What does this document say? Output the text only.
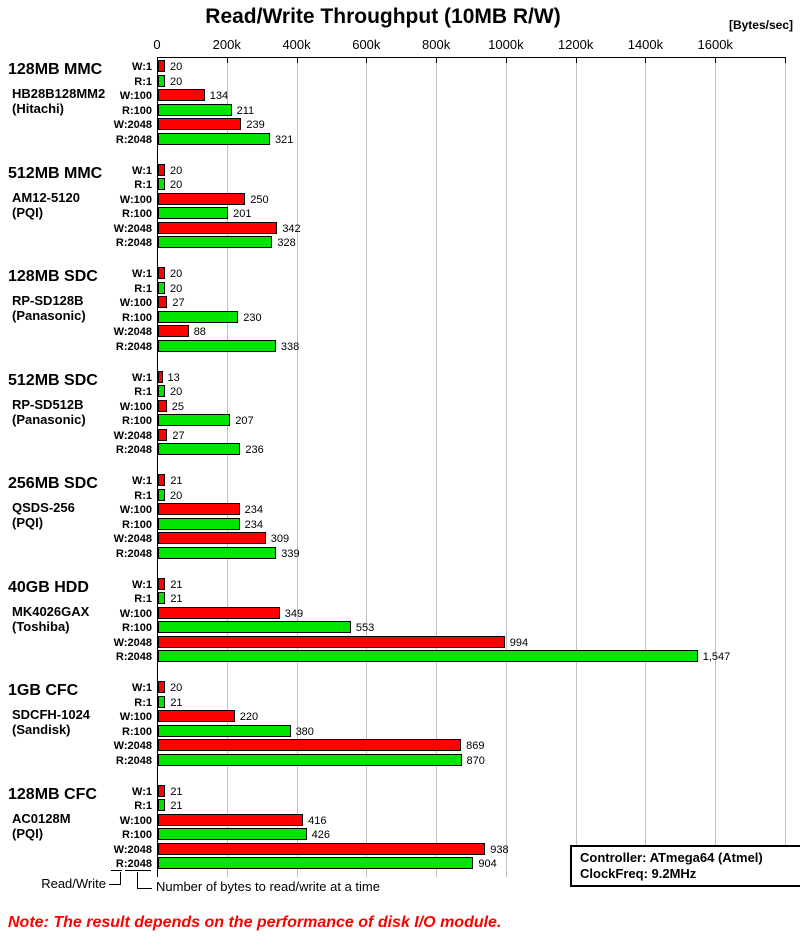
Read/Write Throughput (10MB R/W)	[Bytes/sec]
0	200k	400k	600k	800k	1000k	1200k	1400k	1600k
128MB MMC
HB28B128MM2
(Hitachi)
W:1 20
R:1 20
W:100	134
R:100	211
W:2048	239
R:2048	321
512MB MMC
AM12-5120
(PQI)
W:1 20
R:1 20
W:100	250
R:100	201
W:2048	342
R:2048	328
128MB SDC
RP-SD128B
(Panasonic)
W:1 20
R:1 20
W:100 27
R:100	230
W:2048	88
R:2048	338
512MB SDC
RP-SD512B
(Panasonic)
W:1 13
R:1 20
W:100 25
R:100	207
W:2048 27
R:2048	236
256MB SDC
QSDS-256
(PQI)
W:1 21
R:1 20
W:100	234
R:100	234
W:2048	309
R:2048	339
40GB HDD
MK4026GAX
(Toshiba)
W:1 21
R:1 21
W:100	349
R:100	553
W:2048	994
R:2048	1,547
1GB CFC
SDCFH-1024
(Sandisk)
W:1 20
R:1 21
W:100	220
R:100	380
W:2048	869
R:2048	870
128MB CFC
AC0128M
(PQI)
W:1 21
R:1 21
W:100	416
R:100	426
W:2048	938
R:2048	904
Read/Write	Number of bytes to read/write at a time
Controller: ATmega64 (Atmel)
ClockFreq: 9.2MHz
Note: The result depends on the performance of disk I/O module.
